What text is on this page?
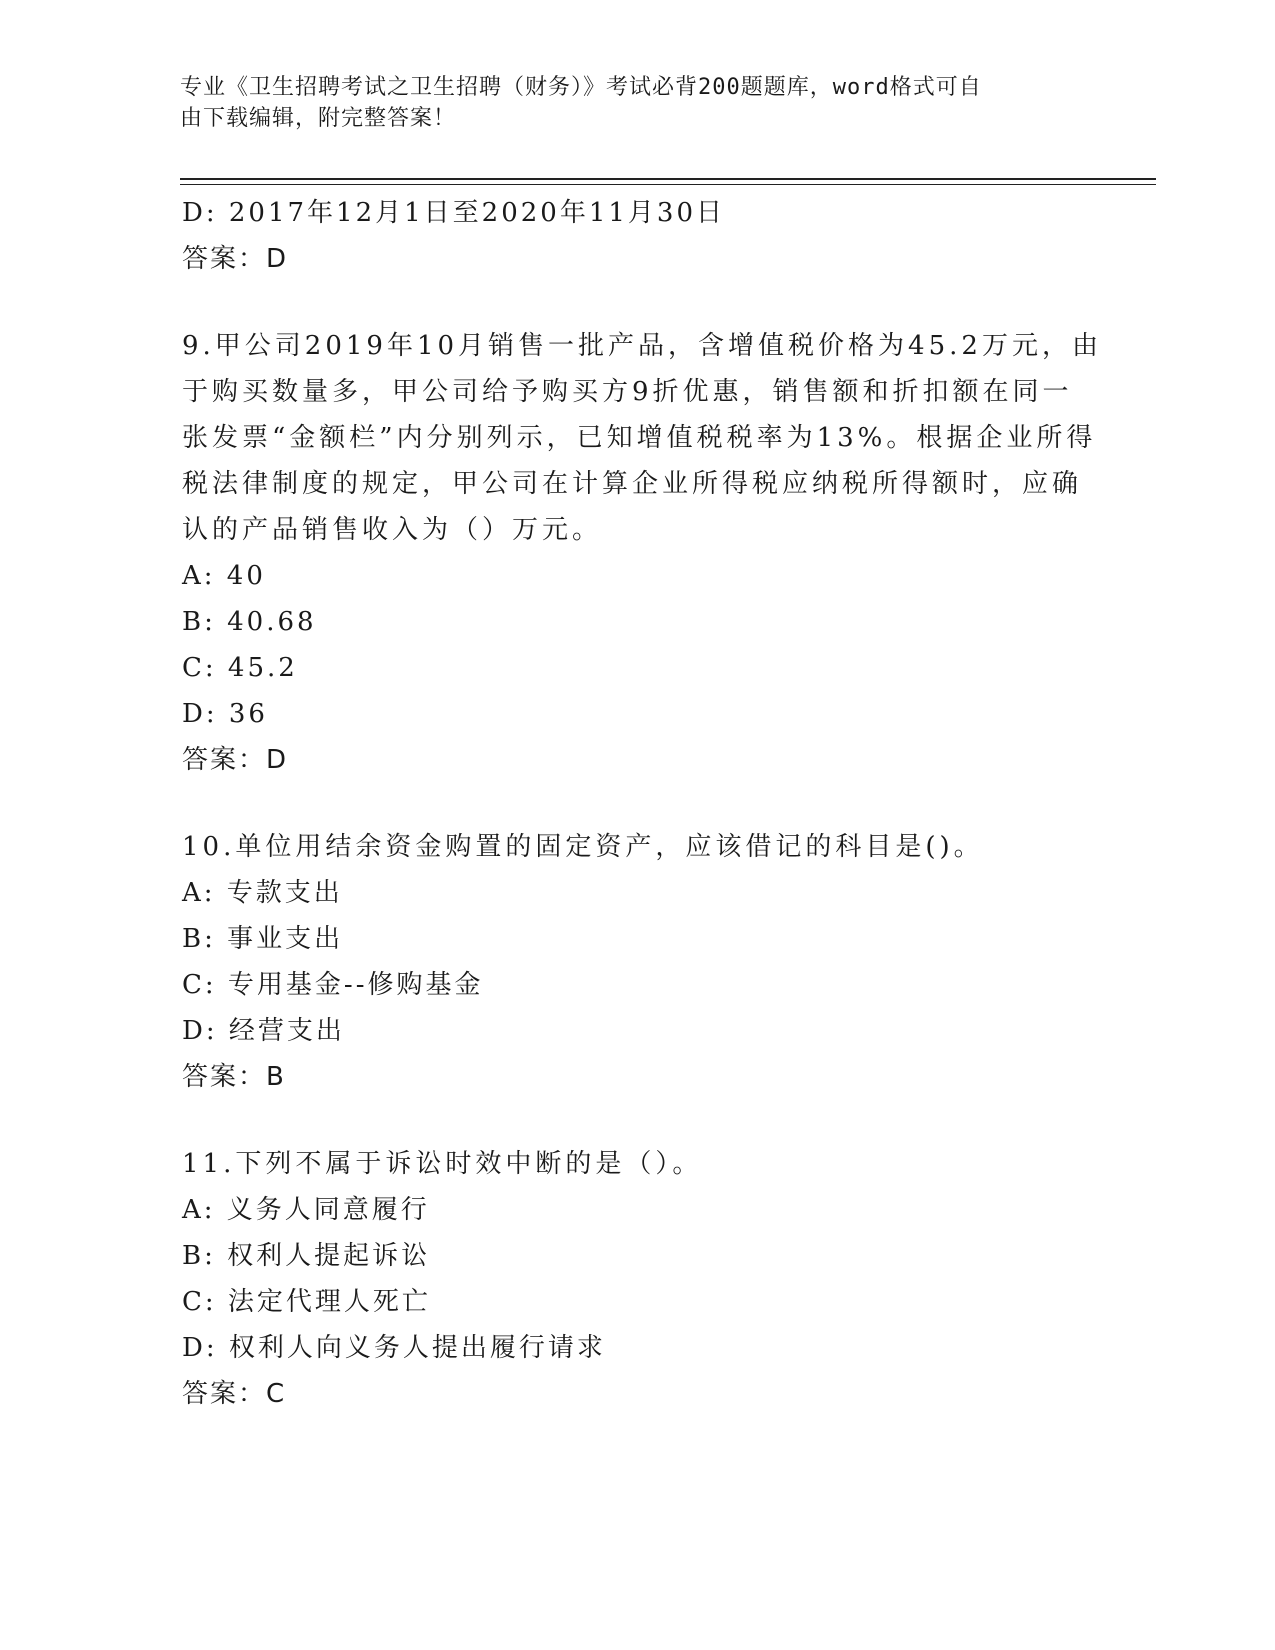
专业《卫生招聘考试之卫生招聘（财务）》考试必背200题题库，word格式可自
由下载编辑，附完整答案！
D: 2017年12月1日至2020年11月30日
答案：D
9.甲公司2019年10月销售一批产品，含增值税价格为45.2万元，由
于购买数量多，甲公司给予购买方9折优惠，销售额和折扣额在同一
张发票“金额栏”内分别列示，已知增值税税率为13%。根据企业所得
税法律制度的规定，甲公司在计算企业所得税应纳税所得额时，应确
认的产品销售收入为（）万元。
A: 40
B: 40.68
C: 45.2
D: 36
答案：D
10.单位用结余资金购置的固定资产，应该借记的科目是()。
A: 专款支出
B: 事业支出
C: 专用基金--修购基金
D: 经营支出
答案：B
11.下列不属于诉讼时效中断的是（）。
A: 义务人同意履行
B: 权利人提起诉讼
C: 法定代理人死亡
D: 权利人向义务人提出履行请求
答案：C
